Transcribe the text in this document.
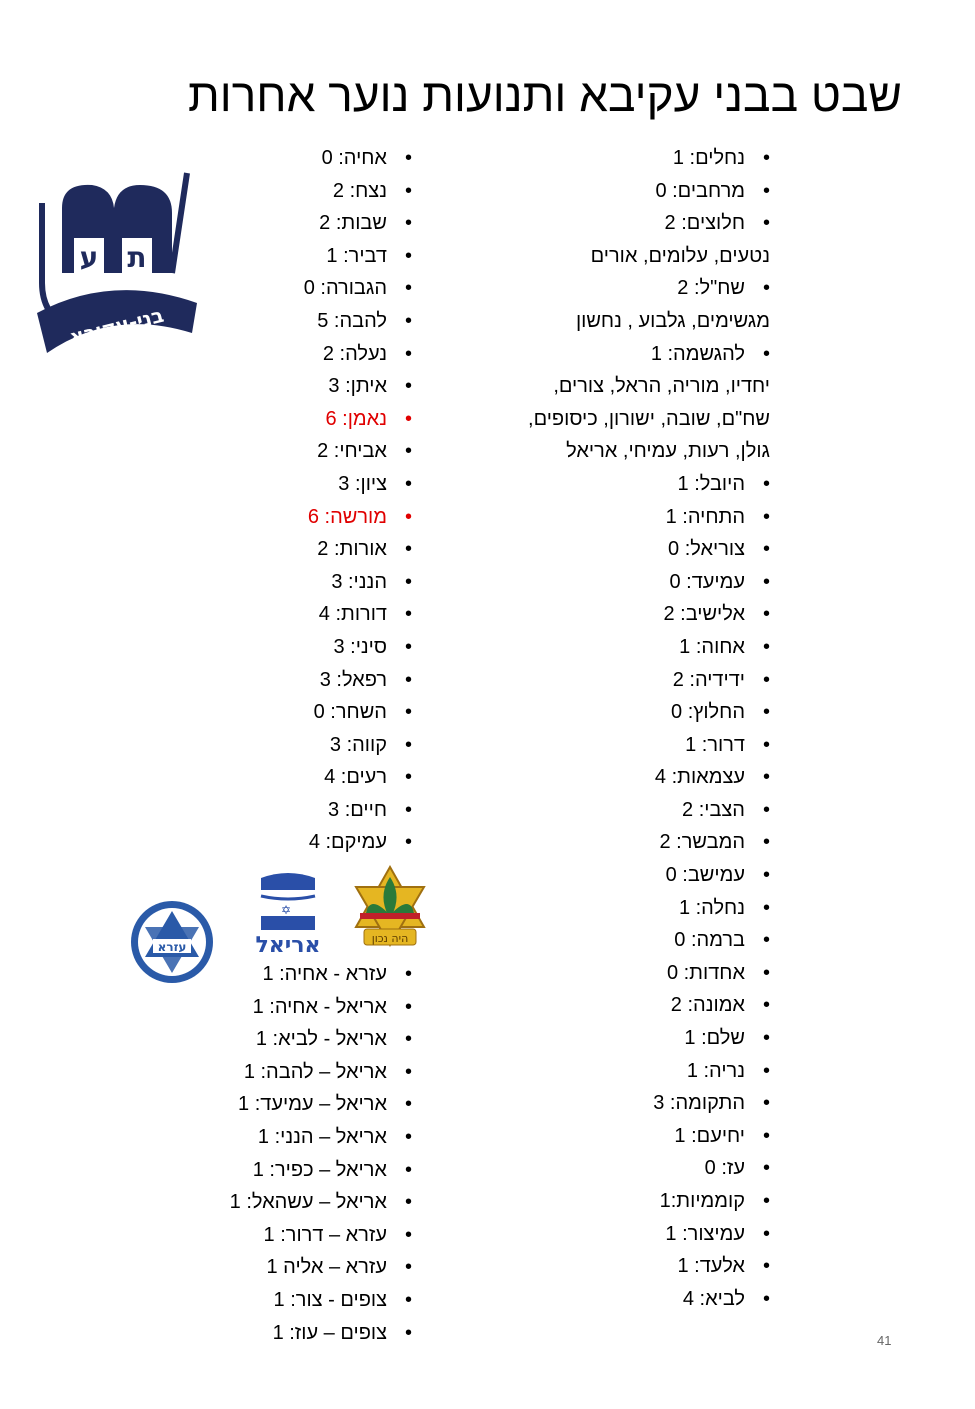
שבט בבני עקיבא ותנועות נוער אחרות
•
נחלים: 1
•
מרחבים: 0
•
חלוצים: 2
נטעים, עלומים, אורים
•
שח"ל: 2
מגשימים, גלבוע , נחשון
•
להגשמה: 1
יחדיו, מוריה, הראל, צורים,
שח"ם, שובה, ישורון, כיסופים,
גולן, רעות, עמיחי, אריאל
•
היובל: 1
•
התחיה: 1
•
צוריאל: 0
•
עמיעד: 0
•
אלישיב: 2
•
אחוה: 1
•
ידידיה: 2
•
החלוץ: 0
•
דרור: 1
•
עצמאות: 4
•
הצבי: 2
•
המבשר: 2
•
עמישב: 0
•
נחלה: 1
•
ברמה: 0
•
אחדות: 0
•
אמונה: 2
•
שלם: 1
•
נריה: 1
•
התקומה: 3
•
יחיעם: 1
•
עז: 0
•
קוממיות:1
•
עמיצור: 1
•
אלעד: 1
•
לביא: 4
•
אחיה: 0
•
נצח: 2
•
שבות: 2
•
דביר: 1
•
הגבורה: 0
•
להבה: 5
•
נעלה: 2
•
איתן: 3
•
נאמן: 6
•
אביחי: 2
•
ציון: 3
•
מורשה: 6
•
אורות: 2
•
הנני: 3
•
דורות: 4
•
סיני: 3
•
רפאל: 3
•
השחר: 0
•
קווה: 3
•
רעים: 4
•
חיים: 3
•
עמיקם: 4
•
עזרא - אחיה: 1
•
אריאל - אחיה: 1
•
אריאל - לביא: 1
•
אריאל – להבה: 1
•
אריאל – עמיעד: 1
•
אריאל – הנני: 1
•
אריאל – כפיר: 1
•
אריאל – עשהאל: 1
•
עזרא – דרור: 1
•
עזרא – אליה 1
•
צופים - צור: 1
•
צופים – עוז: 1
ע ת
בני-עקיבא
היה נכון
✡
אריאל
עזרא
41
